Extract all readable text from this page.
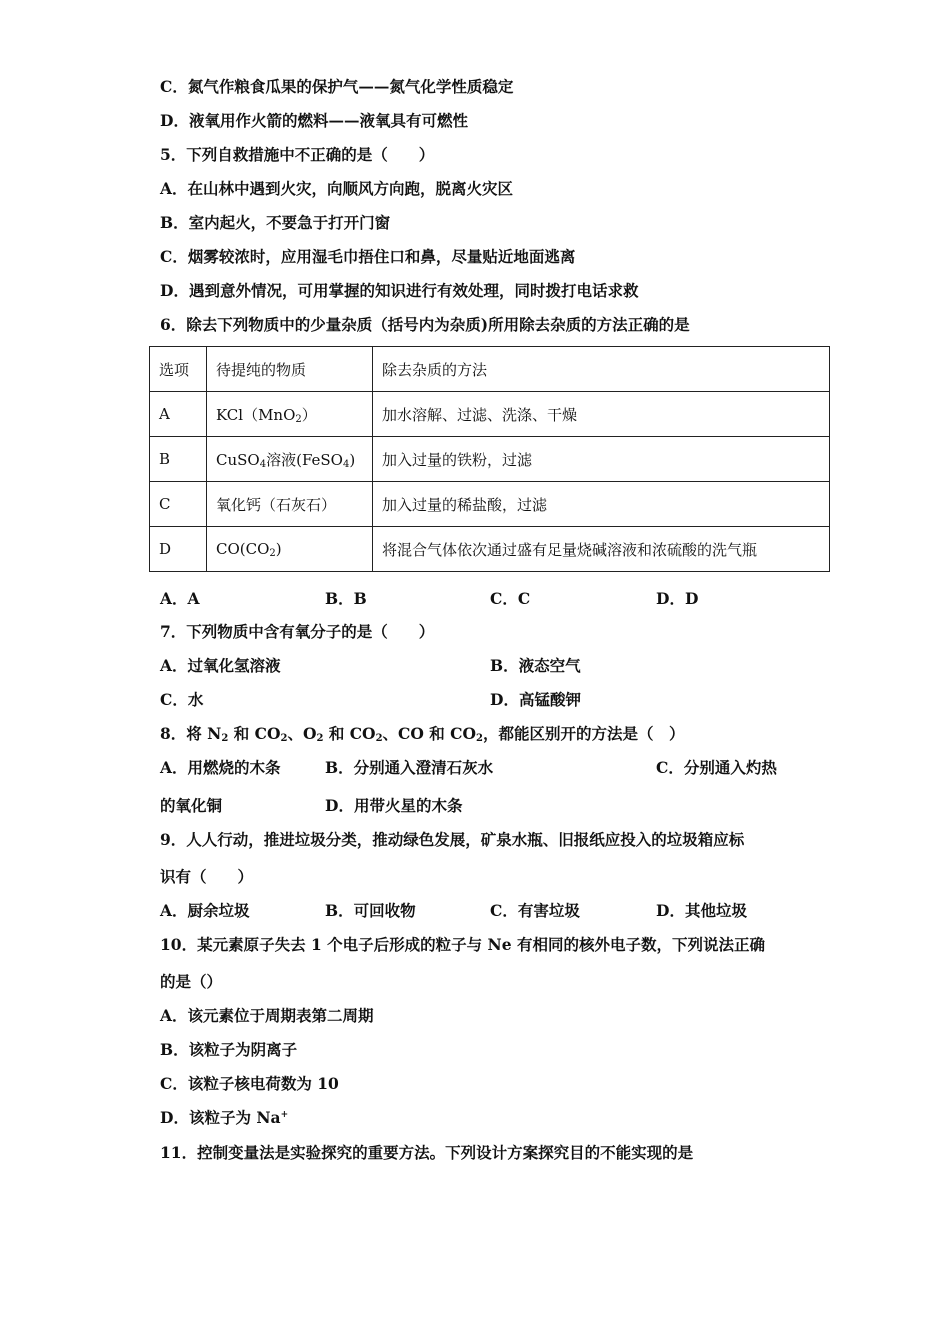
C．氮气作粮食瓜果的保护气——氮气化学性质稳定
D．液氧用作火箭的燃料——液氧具有可燃性
5．下列自救措施中不正确的是（　　）
A．在山林中遇到火灾，向顺风方向跑，脱离火灾区
B．室内起火，不要急于打开门窗
C．烟雾较浓时，应用湿毛巾捂住口和鼻，尽量贴近地面逃离
D．遇到意外情况，可用掌握的知识进行有效处理，同时拨打电话求救
6．除去下列物质中的少量杂质（括号内为杂质)所用除去杂质的方法正确的是
选项	待提纯的物质	除去杂质的方法
A	KCl（MnO$_2$）	加水溶解、过滤、洗涤、干燥
B	CuSO$_4$溶液(FeSO$_4$)	加入过量的铁粉，过滤
C	氧化钙（石灰石）	加入过量的稀盐酸，过滤
D	$CO(CO_2)$	将混合气体依次通过盛有足量烧碱溶液和浓硫酸的洗气瓶
A．A	B．B	C．C	D．D
7．下列物质中含有氧分子的是（　　）
A．过氧化氢溶液	B．液态空气
C．水	D．高锰酸钾
8．将 $N_2$ 和 $CO_2$、$O_2$ 和 $CO_2$、CO 和 $CO_2$，都能区别开的方法是（　）
A．用燃烧的木条	B．分别通入澄清石灰水	C．分别通入灼热
的氧化铜	D．用带火星的木条
9．人人行动，推进垃圾分类，推动绿色发展，矿泉水瓶、旧报纸应投入的垃圾箱应标
识有（　　）
A．厨余垃圾	B．可回收物	C．有害垃圾	D．其他垃圾
10．某元素原子失去 1 个电子后形成的粒子与 Ne 有相同的核外电子数，下列说法正确
的是（）
A．该元素位于周期表第二周期
B．该粒子为阴离子
C．该粒子核电荷数为 10
D．该粒子为 Na+
11．控制变量法是实验探究的重要方法。下列设计方案探究目的不能实现的是
